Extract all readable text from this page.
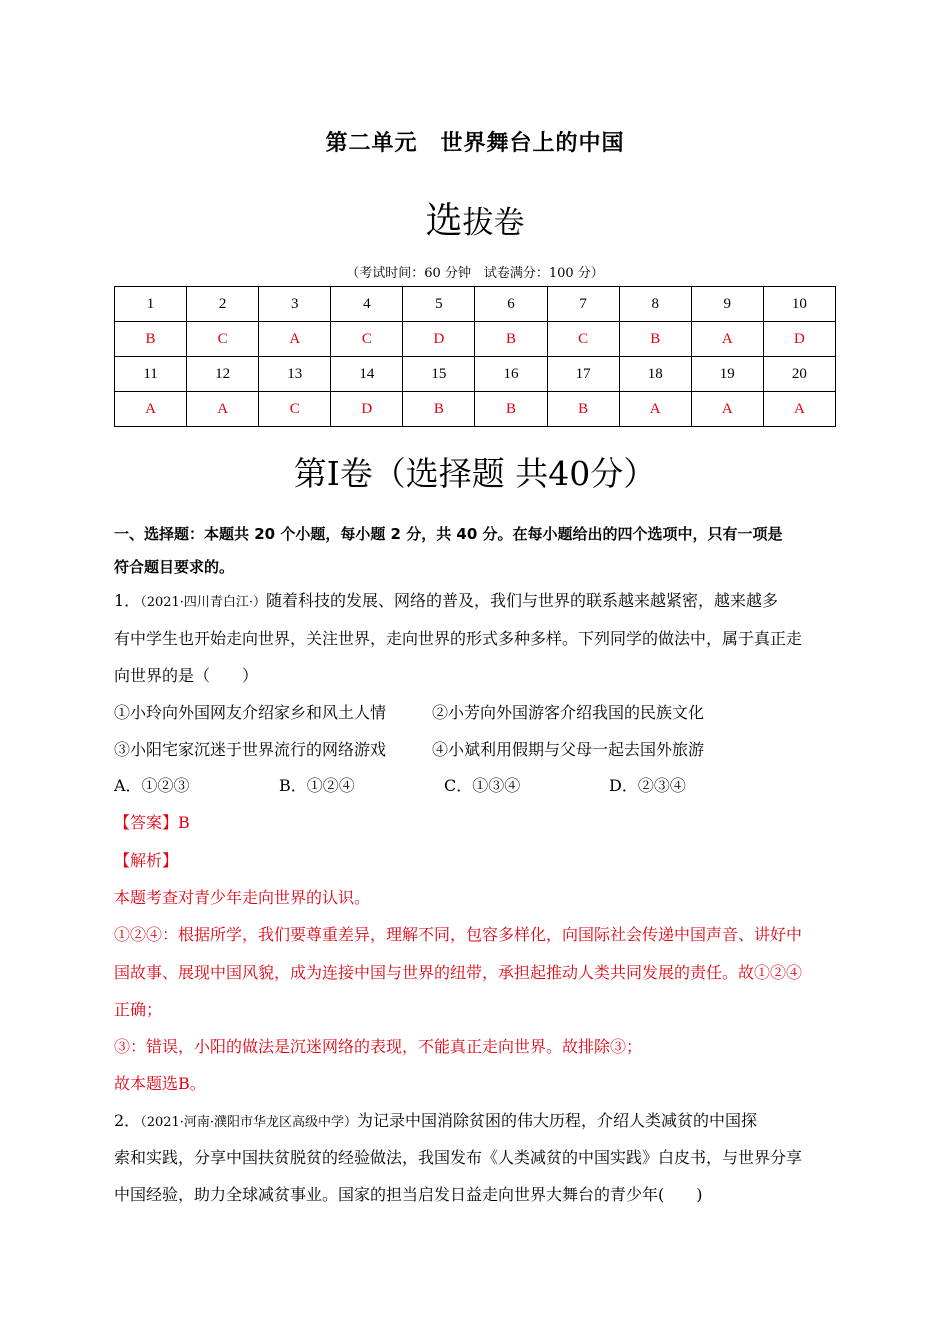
第二单元　世界舞台上的中国
选拔卷
（考试时间：60 分钟　试卷满分：100 分）
1	2	3	4	5	6	7	8	9	10
B	C	A	C	D	B	C	B	A	D
11	12	13	14	15	16	17	18	19	20
A	A	C	D	B	B	B	A	A	A
第Ⅰ卷（选择题 共40分）
一、选择题：本题共 20 个小题，每小题 2 分，共 40 分。在每小题给出的四个选项中，只有一项是
符合题目要求的。
1．（2021·四川青白江·）随着科技的发展、网络的普及，我们与世界的联系越来越紧密，越来越多
有中学生也开始走向世界，关注世界，走向世界的形式多种多样。下列同学的做法中，属于真正走
向世界的是（　　）
①小玲向外国网友介绍家乡和风土人情	②小芳向外国游客介绍我国的民族文化
③小阳宅家沉迷于世界流行的网络游戏	④小斌利用假期与父母一起去国外旅游
A．①②③	B．①②④	C．①③④	D．②③④
【答案】B
【解析】
本题考查对青少年走向世界的认识。
①②④：根据所学，我们要尊重差异，理解不同，包容多样化，向国际社会传递中国声音、讲好中
国故事、展现中国风貌，成为连接中国与世界的纽带，承担起推动人类共同发展的责任。故①②④
正确；
③：错误，小阳的做法是沉迷网络的表现，不能真正走向世界。故排除③；
故本题选B。
2．（2021·河南·濮阳市华龙区高级中学）为记录中国消除贫困的伟大历程，介绍人类减贫的中国探
索和实践，分享中国扶贫脱贫的经验做法，我国发布《人类减贫的中国实践》白皮书，与世界分享
中国经验，助力全球减贫事业。国家的担当启发日益走向世界大舞台的青少年(　　)
